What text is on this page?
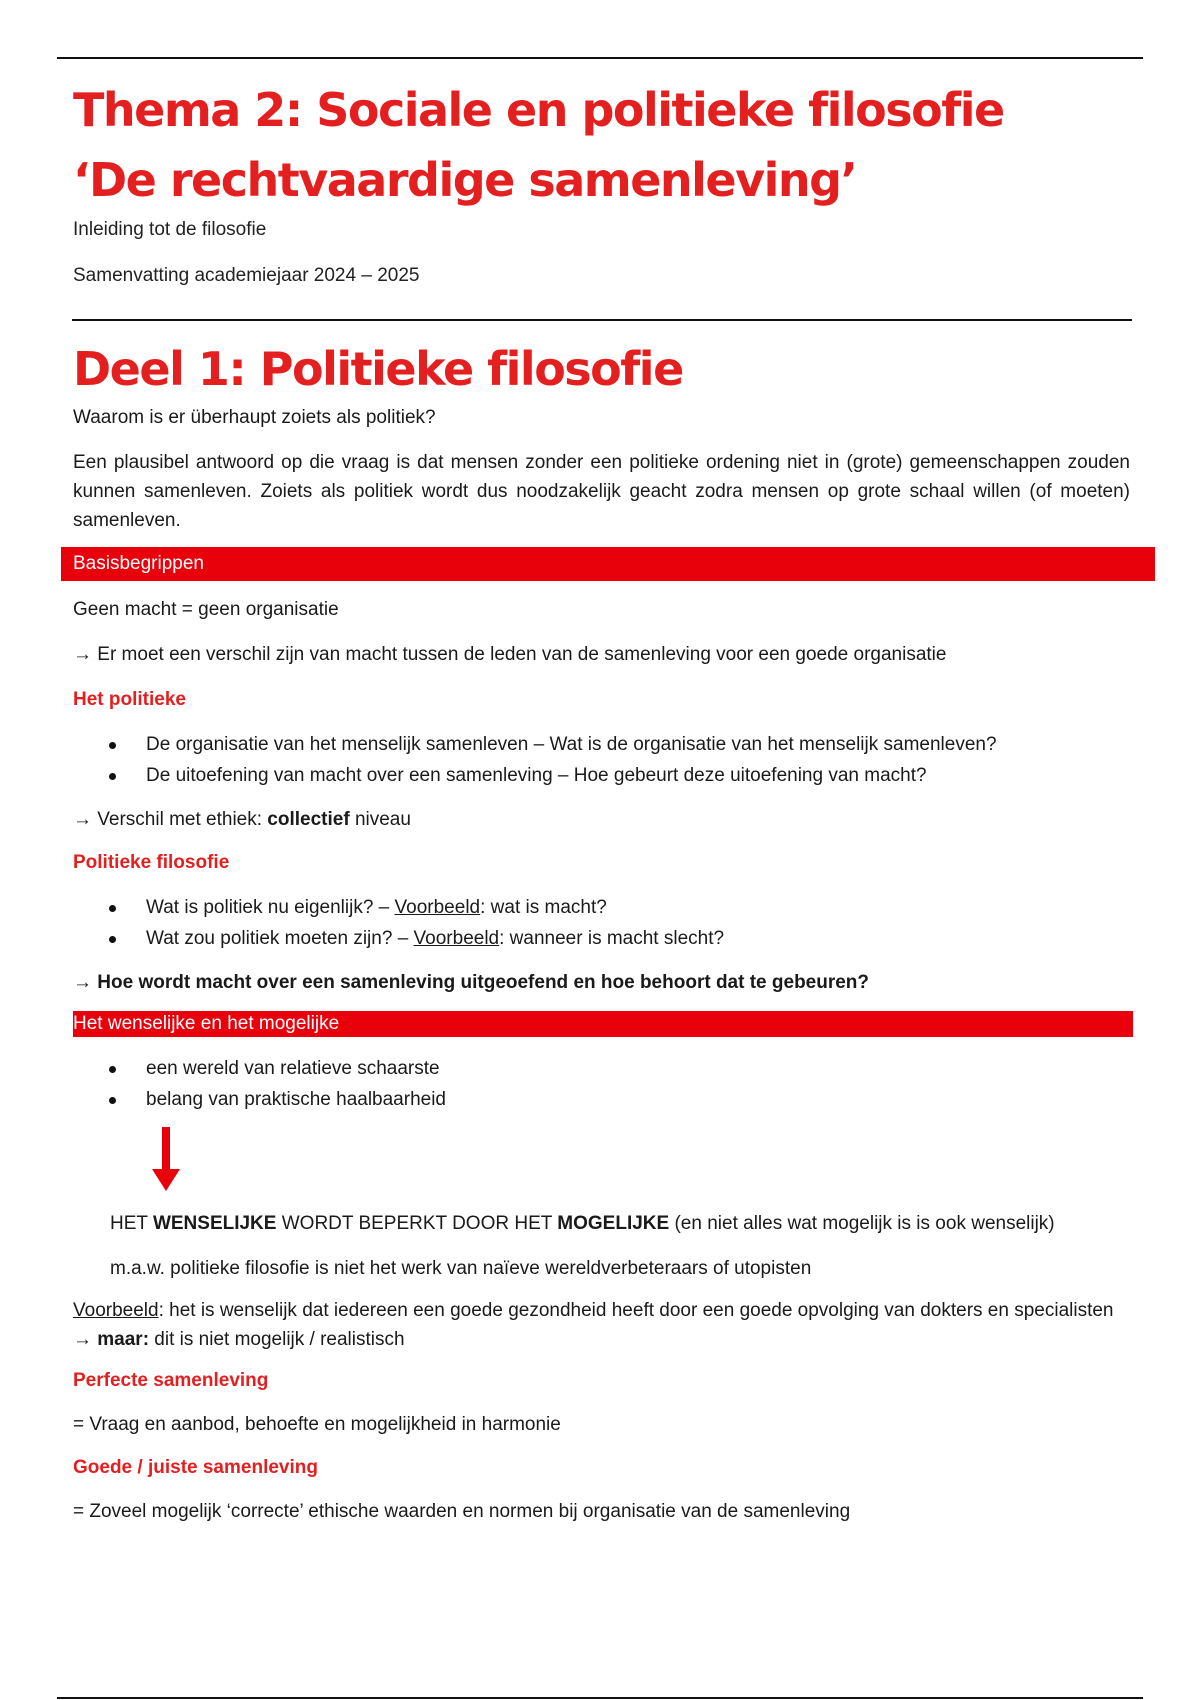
Thema 2: Sociale en politieke filosofie
‘De rechtvaardige samenleving’

Inleiding tot de filosofie

Samenvatting academiejaar 2024 – 2025

Deel 1: Politieke filosofie

Waarom is er überhaupt zoiets als politiek?

Een plausibel antwoord op die vraag is dat mensen zonder een politieke ordening niet in (grote) gemeenschappen zouden kunnen samenleven. Zoiets als politiek wordt dus noodzakelijk geacht zodra mensen op grote schaal willen (of moeten) samenleven.

Basisbegrippen

Geen macht = geen organisatie

→ Er moet een verschil zijn van macht tussen de leden van de samenleving voor een goede organisatie

Het politieke

De organisatie van het menselijk samenleven – Wat is de organisatie van het menselijk samenleven?
De uitoefening van macht over een samenleving – Hoe gebeurt deze uitoefening van macht?

→ Verschil met ethiek: collectief niveau

Politieke filosofie

Wat is politiek nu eigenlijk? – Voorbeeld: wat is macht?
Wat zou politiek moeten zijn? – Voorbeeld: wanneer is macht slecht?

→ Hoe wordt macht over een samenleving uitgeoefend en hoe behoort dat te gebeuren?

Het wenselijke en het mogelijke
een wereld van relatieve schaarste
belang van praktische haalbaarheid

HET WENSELIJKE WORDT BEPERKT DOOR HET MOGELIJKE (en niet alles wat mogelijk is is ook wenselijk)

m.a.w. politieke filosofie is niet het werk van naïeve wereldverbeteraars of utopisten

Voorbeeld: het is wenselijk dat iedereen een goede gezondheid heeft door een goede opvolging van dokters en specialisten → maar: dit is niet mogelijk / realistisch

Perfecte samenleving

= Vraag en aanbod, behoefte en mogelijkheid in harmonie

Goede / juiste samenleving

= Zoveel mogelijk ‘correcte’ ethische waarden en normen bij organisatie van de samenleving
